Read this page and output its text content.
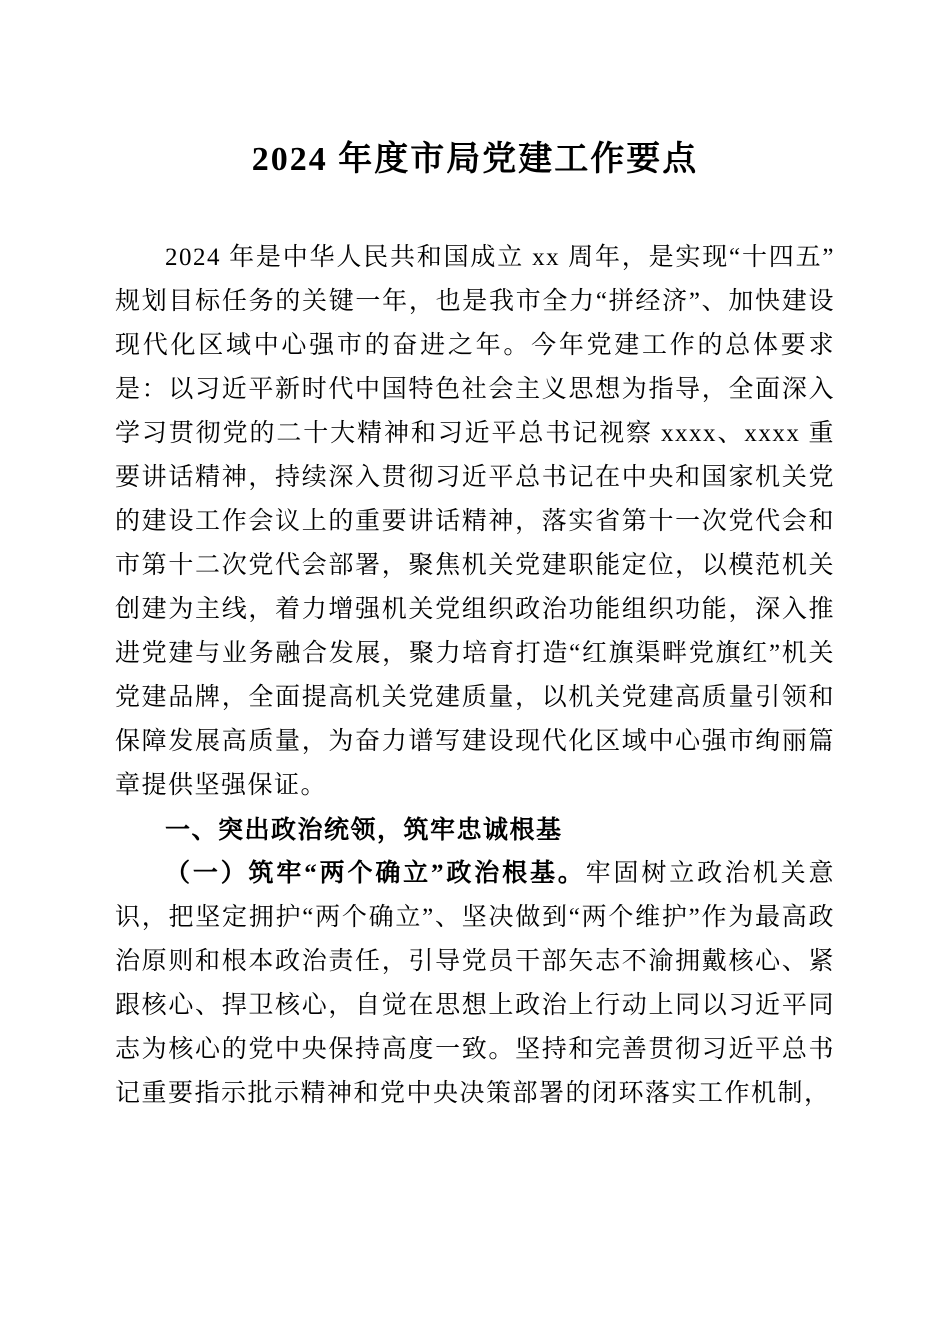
2024 年度市局党建工作要点

2024 年是中华人民共和国成立 xx 周年，是实现“十四五”规划目标任务的关键一年，也是我市全力“拼经济”、加快建设现代化区域中心强市的奋进之年。今年党建工作的总体要求是：以习近平新时代中国特色社会主义思想为指导，全面深入学习贯彻党的二十大精神和习近平总书记视察 xxxx、xxxx 重要讲话精神，持续深入贯彻习近平总书记在中央和国家机关党的建设工作会议上的重要讲话精神，落实省第十一次党代会和市第十二次党代会部署，聚焦机关党建职能定位，以模范机关创建为主线，着力增强机关党组织政治功能组织功能，深入推进党建与业务融合发展，聚力培育打造“红旗渠畔党旗红”机关党建品牌，全面提高机关党建质量，以机关党建高质量引领和保障发展高质量，为奋力谱写建设现代化区域中心强市绚丽篇章提供坚强保证。

一、突出政治统领，筑牢忠诚根基

（一）筑牢“两个确立”政治根基。牢固树立政治机关意识，把坚定拥护“两个确立”、坚决做到“两个维护”作为最高政治原则和根本政治责任，引导党员干部矢志不渝拥戴核心、紧跟核心、捍卫核心，自觉在思想上政治上行动上同以习近平同志为核心的党中央保持高度一致。坚持和完善贯彻习近平总书记重要指示批示精神和党中央决策部署的闭环落实工作机制，
